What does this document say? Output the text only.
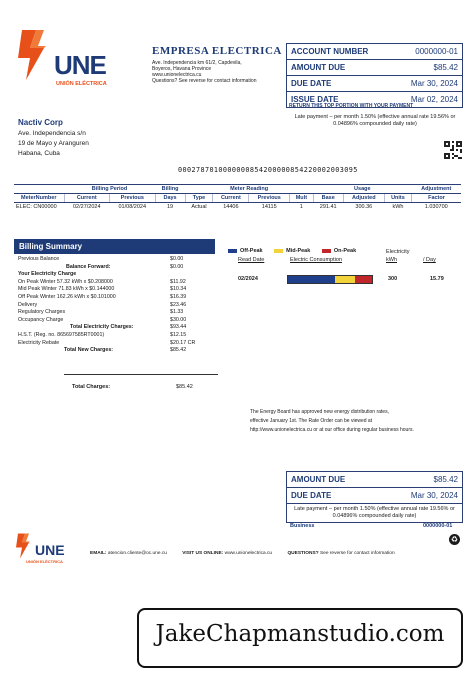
UNE
UNIÓN ELÉCTRICA
EMPRESA ELECTRICA
Ave. Independencia km 61/2, Capdevila,
Boyeros, Havana Province
www.unionelectrica.cu
Questions? See reverse for contact information
ACCOUNT NUMBER	0000000-01
AMOUNT DUE	$85.42
DUE DATE	Mar 30, 2024
ISSUE DATE	Mar 02, 2024
RETURN THIS TOP PORTION WITH YOUR PAYMENT
Late payment – per month 1.50% (effective annual rate 19.56% or 0.04896% compounded daily rate)
Nactiv Corp
Ave. Independencia s/n
19 de Mayo y Aranguren
Habana, Cuba
0002787010000000854200000854220002003095
	Billing Period		Billing	Meter Reading				Usage			Adjustment
MeterNumber	Current	Previous	Days	Type	Current	Previous	Mult	Base	Adjusted	Units	Factor
ELEC: CN00000	02/27/2024	01/08/2024	19	Actual	14406	14115	1	291.41	300.36	kWh	1.030700
Billing Summary
Previous Balance	$0.00
Balance Forward:	$0.00
Your Electricity Charge
On Peak Winter 57.32 kWh x $0.208000	$11.92
Mid Peak Winter 71.83 kWh x $0.144000	$10.34
Off Peak Winter 162.26 kWh x $0.101000	$16.39
Delivery	$23.46
Regulatory Charges	$1.33
Occupancy Charge	$30.00
Total Electricity Charges:	$93.44
H.S.T. (Reg. no. 865697585RT0001)	$12.15
Electricity Rebate	$20.17 CR
Total New Charges:	$85.42
Total Charges:	$85.42
Off-Peak	Mid-Peak	On-Peak	Electricity
Read Date	Electric Consumption	kWh	/ Day
02/2024	300	15.79
The Energy Board has approved new energy distribution rates,
effective January 1st. The Rate Order can be viewed at
http://www.unionelectrica.cu or at our office during regular business hours.
AMOUNT DUE	$85.42
DUE DATE	Mar 30, 2024
Late payment – per month 1.50% (effective annual rate 19.56% or 0.04896% compounded daily rate)
Business	0000000-01
♻
UNE
UNIÓN ELÉCTRICA
EMAIL: atencion.cliente@oc.une.cu	VISIT US ONLINE: www.unionelectrica.cu	QUESTIONS? See reverse for contact information
JakeChapmanstudio.com
